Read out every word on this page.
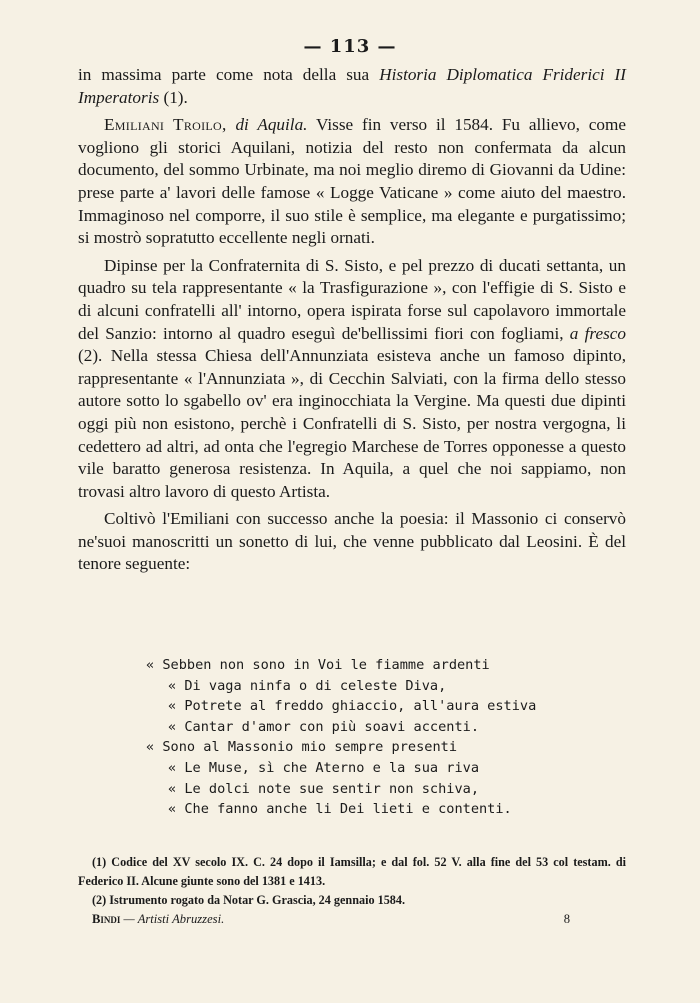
— 113 —

in massima parte come nota della sua Historia Diplomatica Friderici II Imperatoris (1).

Emiliani Troilo, di Aquila. Visse fin verso il 1584. Fu allievo, come vogliono gli storici Aquilani, notizia del resto non confermata da alcun documento, del sommo Urbinate, ma noi meglio diremo di Giovanni da Udine: prese parte a' lavori delle famose « Logge Vaticane » come aiuto del maestro. Immaginoso nel comporre, il suo stile è semplice, ma elegante e purgatissimo; si mostrò sopratutto eccellente negli ornati.

Dipinse per la Confraternita di S. Sisto, e pel prezzo di ducati settanta, un quadro su tela rappresentante « la Trasfigurazione », con l'effigie di S. Sisto e di alcuni confratelli all' intorno, opera ispirata forse sul capolavoro immortale del Sanzio: intorno al quadro eseguì de'bellissimi fiori con fogliami, a fresco (2). Nella stessa Chiesa dell'Annunziata esisteva anche un famoso dipinto, rappresentante « l'Annunziata », di Cecchin Salviati, con la firma dello stesso autore sotto lo sgabello ov' era inginocchiata la Vergine. Ma questi due dipinti oggi più non esistono, perchè i Confratelli di S. Sisto, per nostra vergogna, li cedettero ad altri, ad onta che l'egregio Marchese de Torres opponesse a questo vile baratto generosa resistenza. In Aquila, a quel che noi sappiamo, non trovasi altro lavoro di questo Artista.

Coltivò l'Emiliani con successo anche la poesia: il Massonio ci conservò ne'suoi manoscritti un sonetto di lui, che venne pubblicato dal Leosini. È del tenore seguente:

« Sebben non sono in Voi le fiamme ardenti
« Di vaga ninfa o di celeste Diva,
« Potrete al freddo ghiaccio, all'aura estiva
« Cantar d'amor con più soavi accenti.
« Sono al Massonio mio sempre presenti
« Le Muse, sì che Aterno e la sua riva
« Le dolci note sue sentir non schiva,
« Che fanno anche li Dei lieti e contenti.

(1) Codice del XV secolo IX. C. 24 dopo il Iamsilla; e dal fol. 52 V. alla fine del 53 col testam. di Federico II. Alcune giunte sono del 1381 e 1413.

(2) Istrumento rogato da Notar G. Grascia, 24 gennaio 1584.

Bindi — Artisti Abruzzesi.	8
